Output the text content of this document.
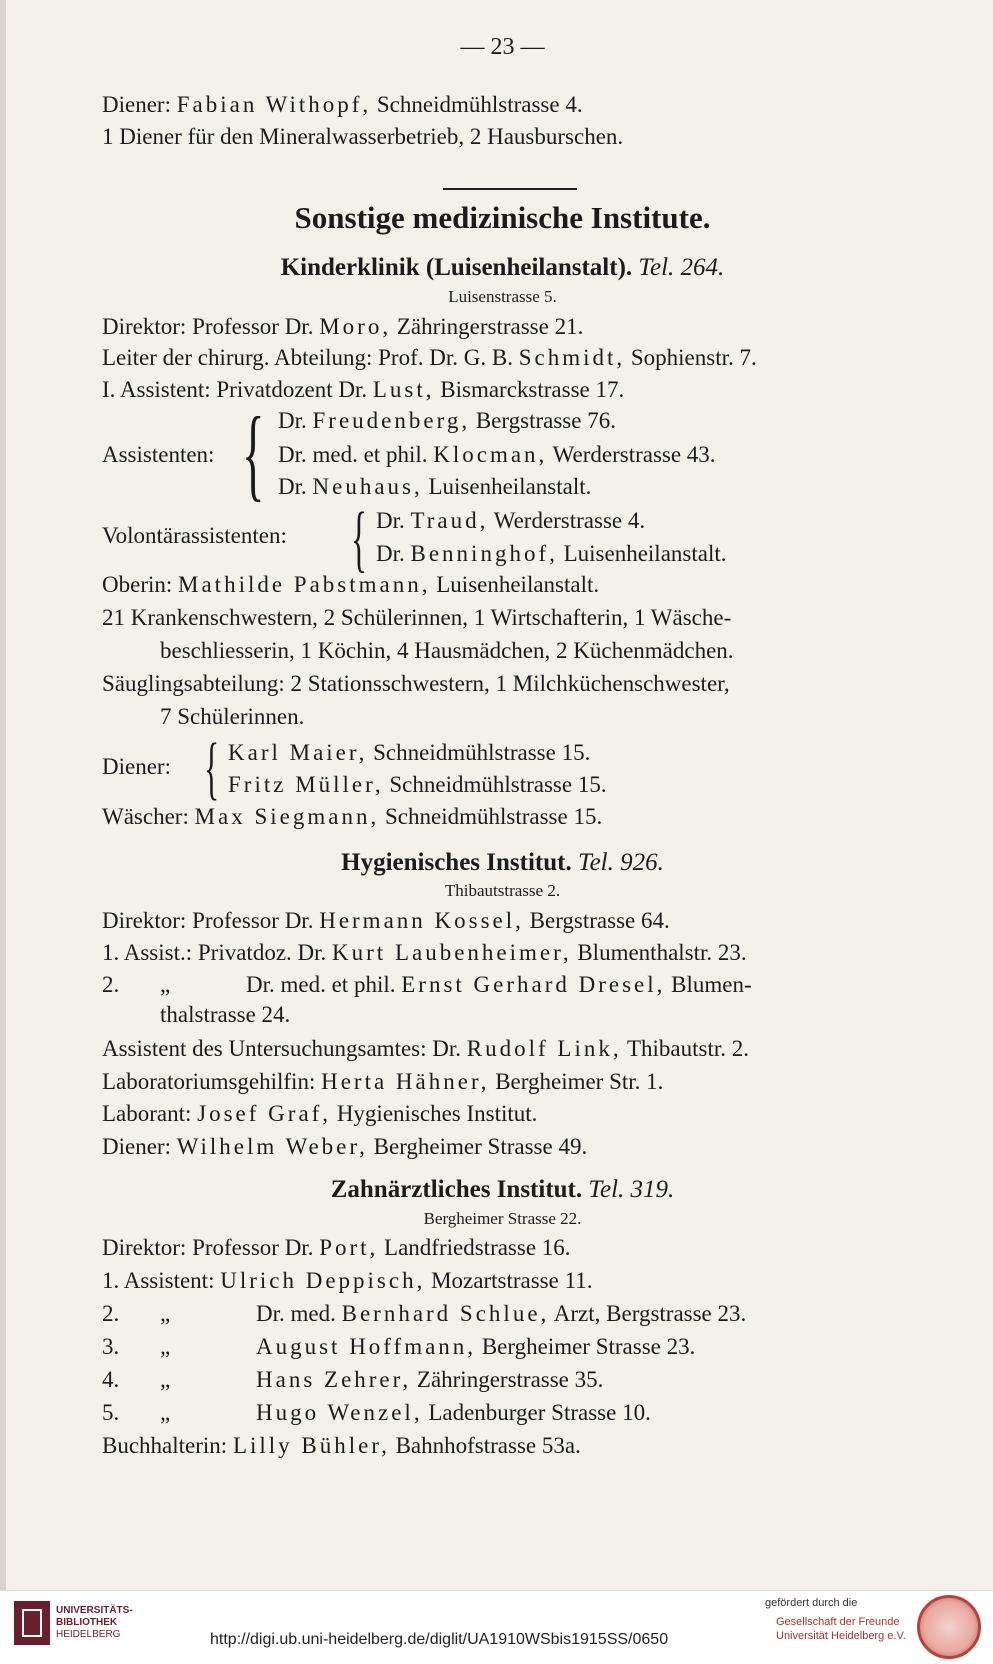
— 23 —
Diener: Fabian Withopf, Schneidmühlstrasse 4.
1 Diener für den Mineralwasserbetrieb, 2 Hausburschen.
Sonstige medizinische Institute.
Kinderklinik (Luisenheilanstalt). Tel. 264.
Luisenstrasse 5.
Direktor: Professor Dr. Moro, Zähringerstrasse 21.
Leiter der chirurg. Abteilung: Prof. Dr. G. B. Schmidt, Sophienstr. 7.
I. Assistent: Privatdozent Dr. Lust, Bismarckstrasse 17.
Assistenten: { Dr. Freudenberg, Bergstrasse 76.
Dr. med. et phil. Klocman, Werderstrasse 43.
Dr. Neuhaus, Luisenheilanstalt.
Volontärassistenten: { Dr. Traud, Werderstrasse 4.
Dr. Benninghof, Luisenheilanstalt.
Oberin: Mathilde Pabstmann, Luisenheilanstalt.
21 Krankenschwestern, 2 Schülerinnen, 1 Wirtschafterin, 1 Wäsche-
beschliesserin, 1 Köchin, 4 Hausmädchen, 2 Küchenmädchen.
Säuglingsabteilung: 2 Stationsschwestern, 1 Milchküchenschwester,
7 Schülerinnen.
Diener: { Karl Maier, Schneidmühlstrasse 15.
Fritz Müller, Schneidmühlstrasse 15.
Wäscher: Max Siegmann, Schneidmühlstrasse 15.
Hygienisches Institut. Tel. 926.
Thibautstrasse 2.
Direktor: Professor Dr. Hermann Kossel, Bergstrasse 64.
1. Assist.: Privatdoz. Dr. Kurt Laubenheimer, Blumenthalstr. 23.
2. „	Dr. med. et phil. Ernst Gerhard Dresel, Blumen-
thalstrasse 24.
Assistent des Untersuchungsamtes: Dr. Rudolf Link, Thibautstr. 2.
Laboratoriumsgehilfin: Herta Hähner, Bergheimer Str. 1.
Laborant: Josef Graf, Hygienisches Institut.
Diener: Wilhelm Weber, Bergheimer Strasse 49.
Zahnärztliches Institut. Tel. 319.
Bergheimer Strasse 22.
Direktor: Professor Dr. Port, Landfriedstrasse 16.
1. Assistent: Ulrich Deppisch, Mozartstrasse 11.
2. „	Dr. med. Bernhard Schlue, Arzt, Bergstrasse 23.
3. „	August Hoffmann, Bergheimer Strasse 23.
4. „	Hans Zehrer, Zähringerstrasse 35.
5. „	Hugo Wenzel, Ladenburger Strasse 10.
Buchhalterin: Lilly Bühler, Bahnhofstrasse 53a.
UNIVERSITÄTS-
BIBLIOTHEK
HEIDELBERG	http://digi.ub.uni-heidelberg.de/diglit/UA1910WSbis1915SS/0650
gefördert durch die
Gesellschaft der Freunde
Universität Heidelberg e.V.
